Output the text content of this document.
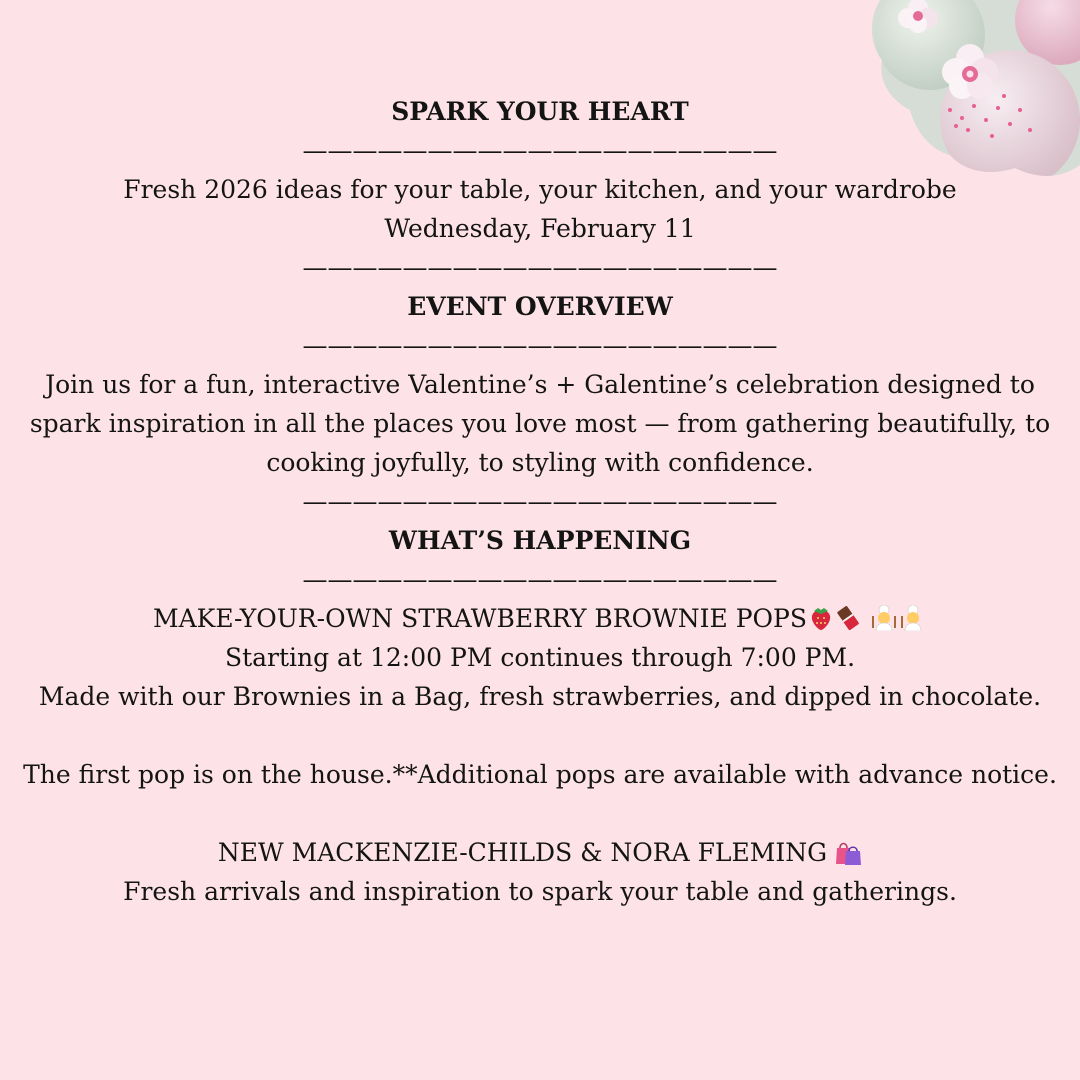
SPARK YOUR HEART
———————————————————
Fresh 2026 ideas for your table, your kitchen, and your wardrobe
Wednesday, February 11
———————————————————
EVENT OVERVIEW
———————————————————
Join us for a fun, interactive Valentine’s + Galentine’s celebration designed to spark inspiration in all the places you love most — from gathering beautifully, to cooking joyfully, to styling with confidence.
———————————————————
WHAT’S HAPPENING
———————————————————
MAKE-YOUR-OWN STRAWBERRY BROWNIE POPS
Starting at 12:00 PM continues through 7:00 PM.
Made with our Brownies in a Bag, fresh strawberries, and dipped in chocolate.
The first pop is on the house.**Additional pops are available with advance notice.
NEW MACKENZIE-CHILDS & NORA FLEMING
Fresh arrivals and inspiration to spark your table and gatherings.
